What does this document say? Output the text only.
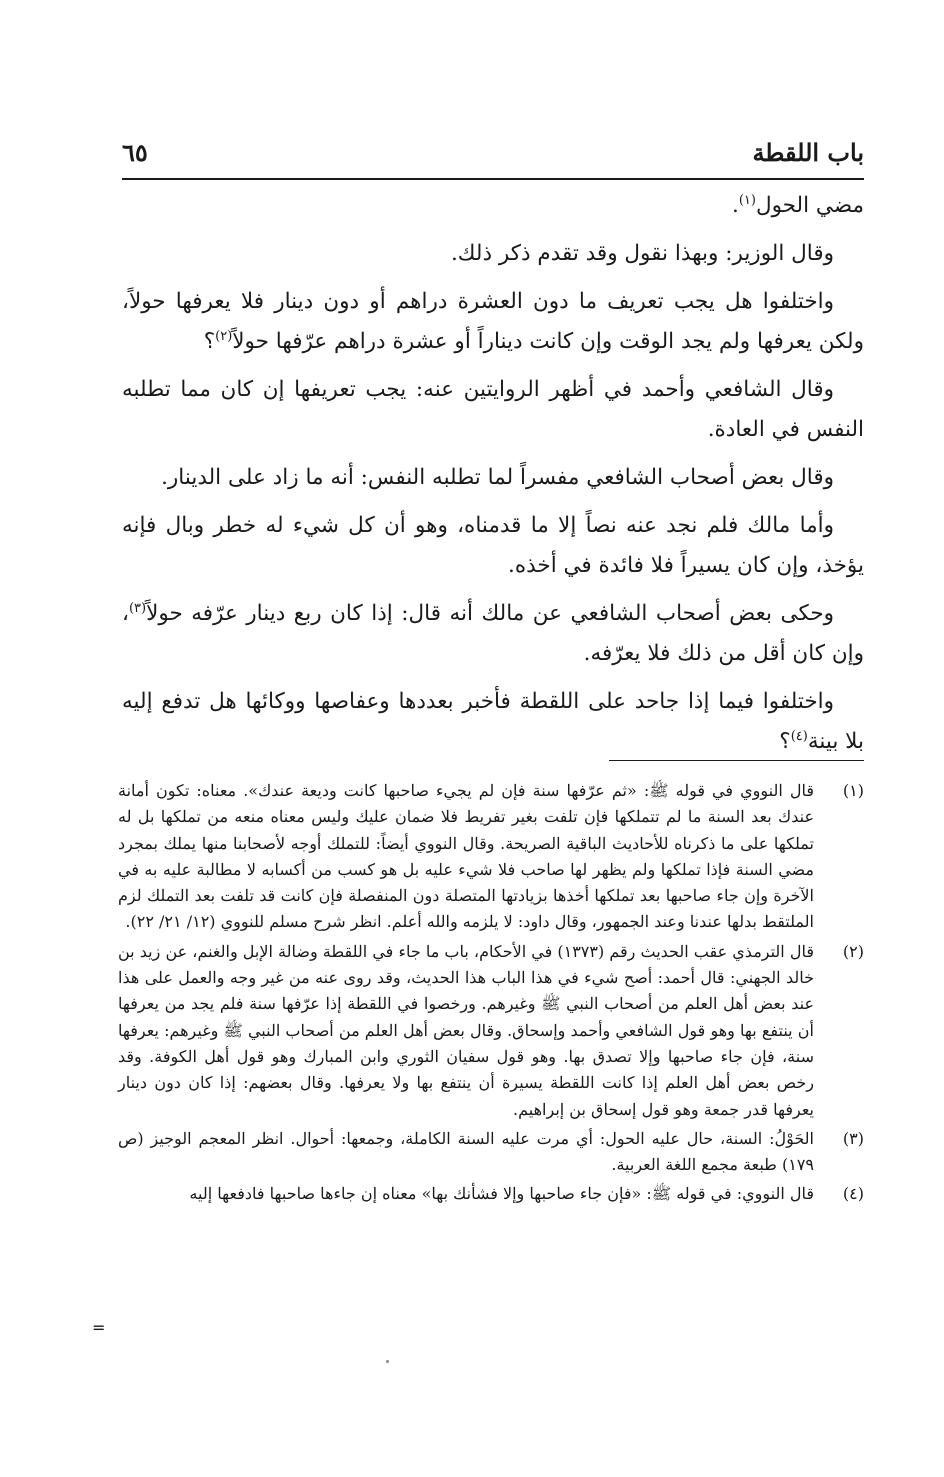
باب اللقطة
٦٥

مضي الحول$^{(١)}$.

وقال الوزير: وبهذا نقول وقد تقدم ذكر ذلك.

واختلفوا هل يجب تعريف ما دون العشرة دراهم أو دون دينار فلا يعرفها حولاً، ولكن يعرفها ولم يجد الوقت وإن كانت ديناراً أو عشرة دراهم عرّفها حولاً$^{(٢)}$؟

وقال الشافعي وأحمد في أظهر الروايتين عنه: يجب تعريفها إن كان مما تطلبه النفس في العادة.

وقال بعض أصحاب الشافعي مفسراً لما تطلبه النفس: أنه ما زاد على الدينار.

وأما مالك فلم نجد عنه نصاً إلا ما قدمناه، وهو أن كل شيء له خطر وبال فإنه يؤخذ، وإن كان يسيراً فلا فائدة في أخذه.

وحكى بعض أصحاب الشافعي عن مالك أنه قال: إذا كان ربع دينار عرّفه حولاً$^{(٣)}$، وإن كان أقل من ذلك فلا يعرّفه.

واختلفوا فيما إذا جاحد على اللقطة فأخبر بعددها وعفاصها ووكائها هل تدفع إليه بلا بينة$^{(٤)}$؟

(١)
قال النووي في قوله ﷺ: «ثم عرّفها سنة فإن لم يجيء صاحبها كانت وديعة عندك». معناه: تكون أمانة عندك بعد السنة ما لم تتملكها فإن تلفت بغير تفريط فلا ضمان عليك وليس معناه منعه من تملكها بل له تملكها على ما ذكرناه للأحاديث الباقية الصريحة. وقال النووي أيضاً: للتملك أوجه لأصحابنا منها يملك بمجرد مضي السنة فإذا تملكها ولم يظهر لها صاحب فلا شيء عليه بل هو كسب من أكسابه لا مطالبة عليه به في الآخرة وإن جاء صاحبها بعد تملكها أخذها بزيادتها المتصلة دون المنفصلة فإن كانت قد تلفت بعد التملك لزم الملتقط بدلها عندنا وعند الجمهور، وقال داود: لا يلزمه والله أعلم. انظر شرح مسلم للنووي (١٢/ ٢١/ ٢٢).
(٢)
قال الترمذي عقب الحديث رقم (١٣٧٣) في الأحكام، باب ما جاء في اللقطة وضالة الإبل والغنم، عن زيد بن خالد الجهني: قال أحمد: أصح شيء في هذا الباب هذا الحديث، وقد روى عنه من غير وجه والعمل على هذا عند بعض أهل العلم من أصحاب النبي ﷺ وغيرهم. ورخصوا في اللقطة إذا عرّفها سنة فلم يجد من يعرفها أن ينتفع بها وهو قول الشافعي وأحمد وإسحاق. وقال بعض أهل العلم من أصحاب النبي ﷺ وغيرهم: يعرفها سنة، فإن جاء صاحبها وإلا تصدق بها. وهو قول سفيان الثوري وابن المبارك وهو قول أهل الكوفة. وقد رخص بعض أهل العلم إذا كانت اللقطة يسيرة أن ينتفع بها ولا يعرفها. وقال بعضهم: إذا كان دون دينار يعرفها قدر جمعة وهو قول إسحاق بن إبراهيم.
(٣)
الحَوْلُ: السنة، حال عليه الحول: أي مرت عليه السنة الكاملة، وجمعها: أحوال. انظر المعجم الوجيز (ص ١٧٩) طبعة مجمع اللغة العربية.
(٤)
قال النووي: في قوله ﷺ: «فإن جاء صاحبها وإلا فشأنك بها» معناه إن جاءها صاحبها فادفعها إليه
=
